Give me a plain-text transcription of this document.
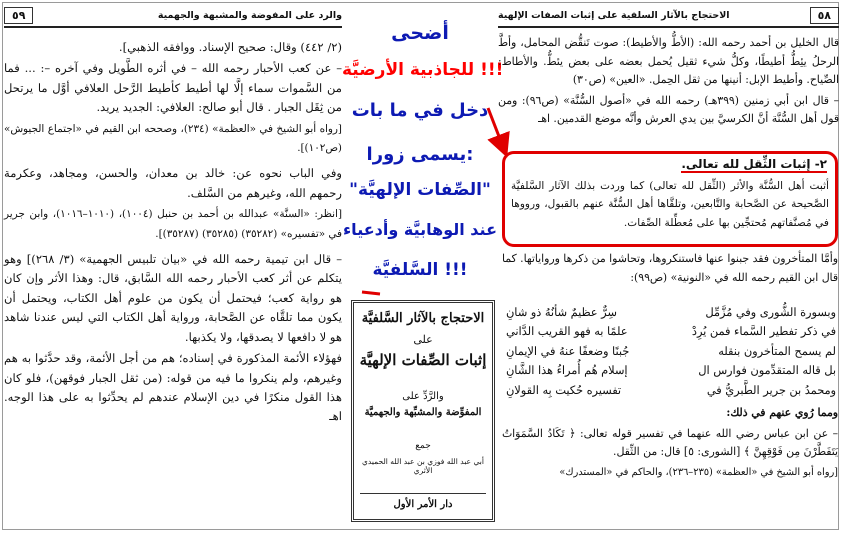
والرد على المفوضة والمشبهة والجهمية
٥٩
(٢/ ٤٤٢) وقال: صحيح الإسناد. ووافقه الذهبي].
– عن كعب الأحبار رحمه الله – في أثره الطَّويل وفي آخره –: ... فما من السَّموات سماء إلَّا لها أطيط كأطيط الرَّحل العلافي أوَّل ما يرتحل من ثِقَل الجبار . قال أبو صالح: العلافي: الجديد يريد.
[رواه أبو الشيخ في «العظمة» (٢٣٤)، وصححه ابن القيم في «اجتماع الجيوش» (ص١٠٢)].
وفي الباب نحوه عن: خالد بن معدان، والحسن، ومجاهد، وعكرمة رحمهم الله، وغيرهم من السَّلف.
[انظر: «السنَّة» عبدالله بن أحمد بن حنبل (١٠٠٤)، (١٠١٠–١٠١٦)، وابن جرير في «تفسيره» (٣٥٢٨٢) (٣٥٢٨٥) (٣٥٢٨٧)].
– قال ابن تيمية رحمه الله في «بيان تلبيس الجهمية» (٣/ ٢٦٨)] وهو يتكلم عن أثر كعب الأحبار رحمه الله السَّابق، قال: وهذا الأثر وإن كان هو رواية كعب؛ فيحتمل أن يكون من علوم أهل الكتاب، ويحتمل أن يكون مما تلقَّاه عن الصَّحابة، ورواية أهل الكتاب التي ليس عندنا شاهد هو لا دافعها لا يصدقها، ولا يكذبها.
فهؤلاء الأئمة المذكورة في إسناده؛ هم من أجل الأئمة، وقد حدَّثوا به هم وغيرهم، ولم ينكروا ما فيه من قوله: (من ثقل الجبار فوقهن)، فلو كان هذا القول منكرًا في دين الإسلام عندهم لم يحدِّثوا به على هذا الوجه. اهـ
أضحى
للجاذبية الأرضيَّة !!!
دخل في ما بات
يسمى زورا:
"الصِّفات الإلهيَّة"
عند الوهابيَّة وأدعياء
السَّلفيَّة !!!
الاحتجاج بالآثار السَّلفيَّة
على
إثبات الصِّفات الإلهيَّة
والرَّدِّ على
المفوِّضة والمشبِّهة والجهميَّة
جمع
أبي عبد الله فوزي بن عبد الله الحميدي الأثري
دار الأمر الأول
٥٨
الاحتجاج بالآثار السلفية على إثبات الصفات الإلهية
قال الخليل بن أحمد رحمه الله: (الأطُّ والأطيط): صوت تَنقُّض المحامل، وأطَّ الرحلُ يئِطُّ أطيطًا، وكلُّ شيء ثقيل يُحمل بعضه على بعض يئطُّ. والأطاط: الصِّياح. وأطيط الإبل: أنينها من ثقل الحِمل. «العين» (ص٣٠)
– قال ابن أبي زمنين (٣٩٩هـ) رحمه الله في «أصول السُّنَّة» (ص٩٦): ومن قول أهل السُّنَّة أنَّ الكرسيَّ بين يدي العرش وأنَّه موضع القدمين. اهـ
٢- إثبات الثِّقل لله تعالى.
أثبت أهل السُّنَّة والأثر (الثِّقل لله تعالى) كما وردت بذلك الآثار السَّلفيَّة الصَّحيحة عن الصَّحابة والتَّابعين، وتلقَّاها أهل السُّنَّة عنهم بالقبول، ورووها في مُصنَّفاتهم مُحتجِّين بها على مُعطِّلة الصِّفات.
وأمَّا المتأخرون فقد جبنوا عنها فاستنكروها، وتحاشوا من ذكرها ورواياتها. كما قال ابن القيم رحمه الله في «النونية» (ص٩٩):
وبسورة الشُّورى وفي مُزَّمِّل
سِرٌّ عظيمٌ شأنُهُ ذو شانِ
في ذكر تفطير السَّماء فمن يُرِدْ
علمًا به فهو القريب الدَّاني
لم يسمح المتأخرون بنقله
جُبنًا وضعفًا عنهُ في الإيمانِ
بل قاله المتقدِّمون فوارس ال
إسلام هُم أُمراءُ هذا الشَّانِ
ومحمدُ بن جرير الطَّبريُّ في
تفسيره حُكيت بِه القولانِ
ومما رُوي عنهم في ذلك:
– عن ابن عباس رضي الله عنهما في تفسير قوله تعالى: ﴿ تَكَادُ السَّمَوَاتُ يَتَفَطَّرْنَ مِن فَوْقِهِنَّ ﴾ [الشورى: ٥] قال: من الثِّقل.
[رواه أبو الشيخ في «العظمة» (٢٣٥–٢٣٦)، والحاكم في «المستدرك»
